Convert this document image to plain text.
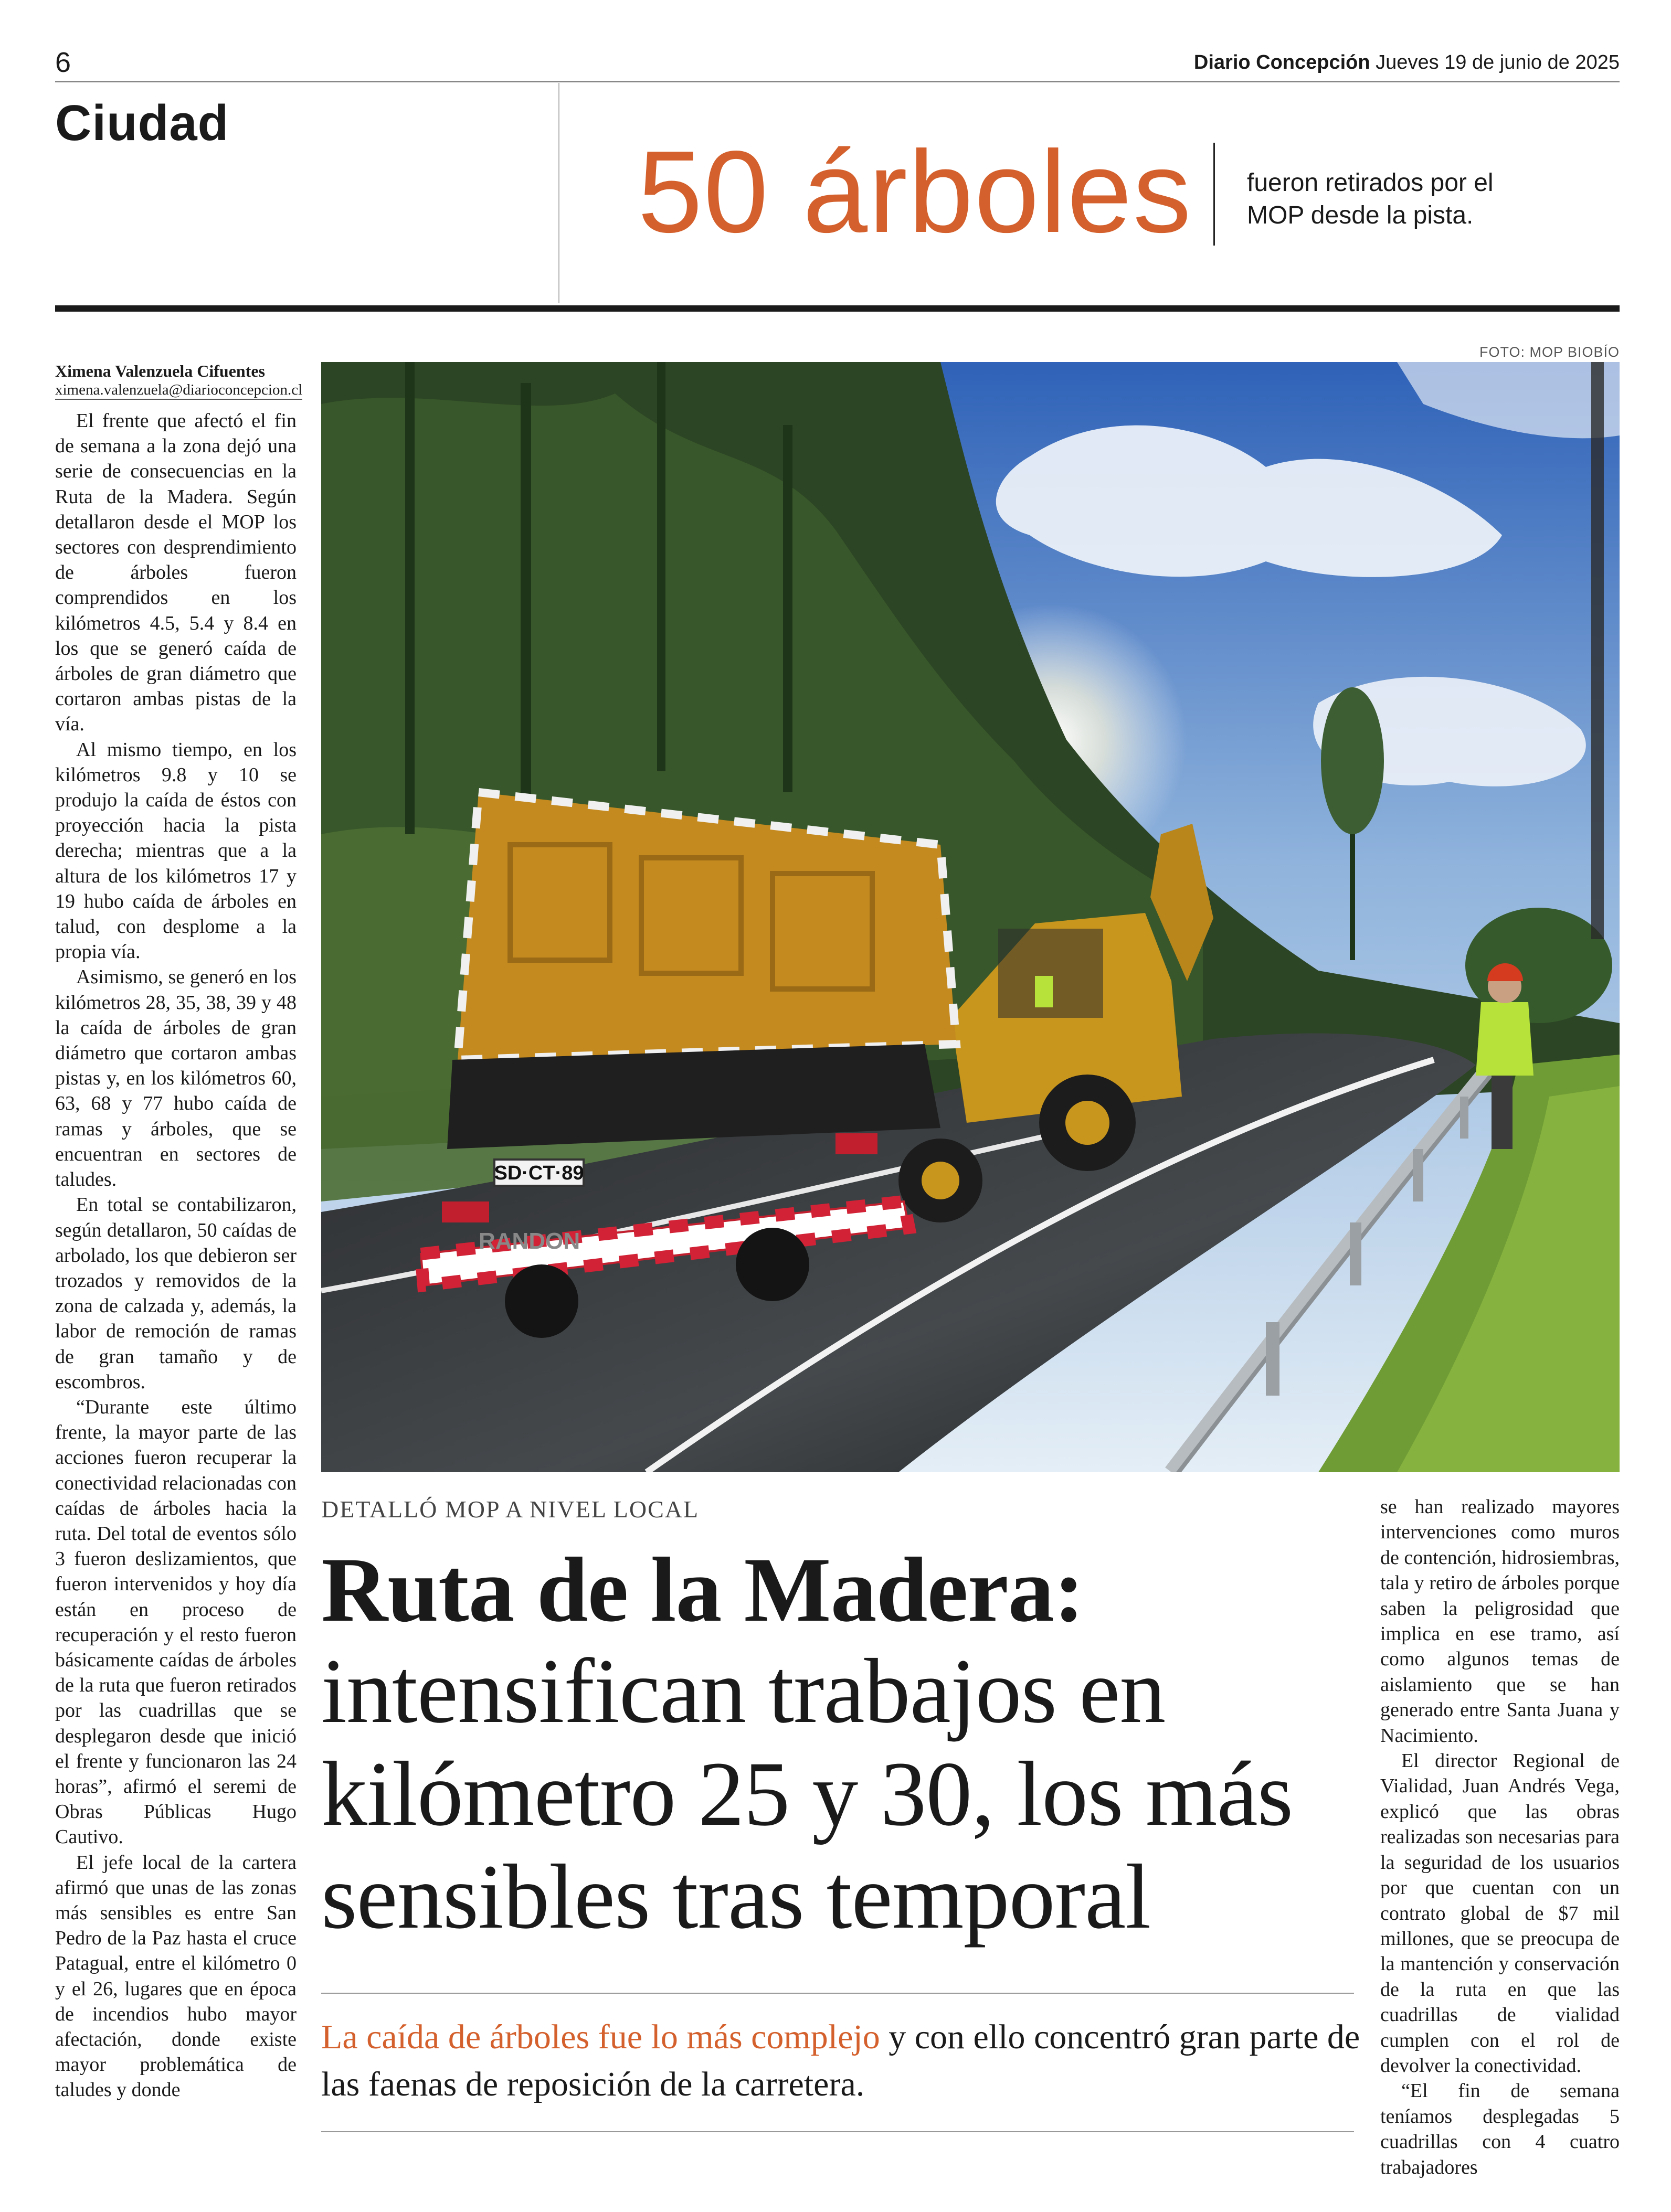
6	Diario Concepción Jueves 19 de junio de 2025
Ciudad
50 árboles fueron retirados por el MOP desde la pista.
Ximena Valenzuela Cifuentes
ximena.valenzuela@diarioconcepcion.cl

El frente que afectó el fin de semana a la zona dejó una serie de consecuencias en la Ruta de la Madera. Según detallaron desde el MOP los sectores con desprendimiento de árboles fueron comprendidos en los kilómetros 4.5, 5.4 y 8.4 en los que se generó caída de árboles de gran diámetro que cortaron ambas pistas de la vía.

Al mismo tiempo, en los kilómetros 9.8 y 10 se produjo la caída de éstos con proyección hacia la pista derecha; mientras que a la altura de los kilómetros 17 y 19 hubo caída de árboles en talud, con desplome a la propia vía.

Asimismo, se generó en los kilómetros 28, 35, 38, 39 y 48 la caída de árboles de gran diámetro que cortaron ambas pistas y, en los kilómetros 60, 63, 68 y 77 hubo caída de ramas y árboles, que se encuentran en sectores de taludes.

En total se contabilizaron, según detallaron, 50 caídas de arbolado, los que debieron ser trozados y removidos de la zona de calzada y, además, la labor de remoción de ramas de gran tamaño y de escombros.

“Durante este último frente, la mayor parte de las acciones fueron recuperar la conectividad relacionadas con caídas de árboles hacia la ruta. Del total de eventos sólo 3 fueron deslizamientos, que fueron intervenidos y hoy día están en proceso de recuperación y el resto fueron básicamente caídas de árboles de la ruta que fueron retirados por las cuadrillas que se desplegaron desde que inició el frente y funcionaron las 24 horas”, afirmó el seremi de Obras Públicas Hugo Cautivo.

El jefe local de la cartera afirmó que unas de las zonas más sensibles es entre San Pedro de la Paz hasta el cruce Patagual, entre el kilómetro 0 y el 26, lugares que en época de incendios hubo mayor afectación, donde existe mayor problemática de taludes y donde

FOTO: MOP BIOBÍO
SD·CT·89
RANDON
DETALLÓ MOP A NIVEL LOCAL
Ruta de la Madera:
intensifican trabajos en kilómetro 25 y 30, los más sensibles tras temporal
La caída de árboles fue lo más complejo y con ello concentró gran parte de las faenas de reposición de la carretera.

se han realizado mayores intervenciones como muros de contención, hidrosiembras, tala y retiro de árboles porque saben la peligrosidad que implica en ese tramo, así como algunos temas de aislamiento que se han generado entre Santa Juana y Nacimiento.

El director Regional de Vialidad, Juan Andrés Vega, explicó que las obras realizadas son necesarias para la seguridad de los usuarios por que cuentan con un contrato global de $7 mil millones, que se preocupa de la mantención y conservación de la ruta en que las cuadrillas de vialidad cumplen con el rol de devolver la conectividad.

“El fin de semana teníamos desplegadas 5 cuadrillas con 4 cuatro trabajadores
